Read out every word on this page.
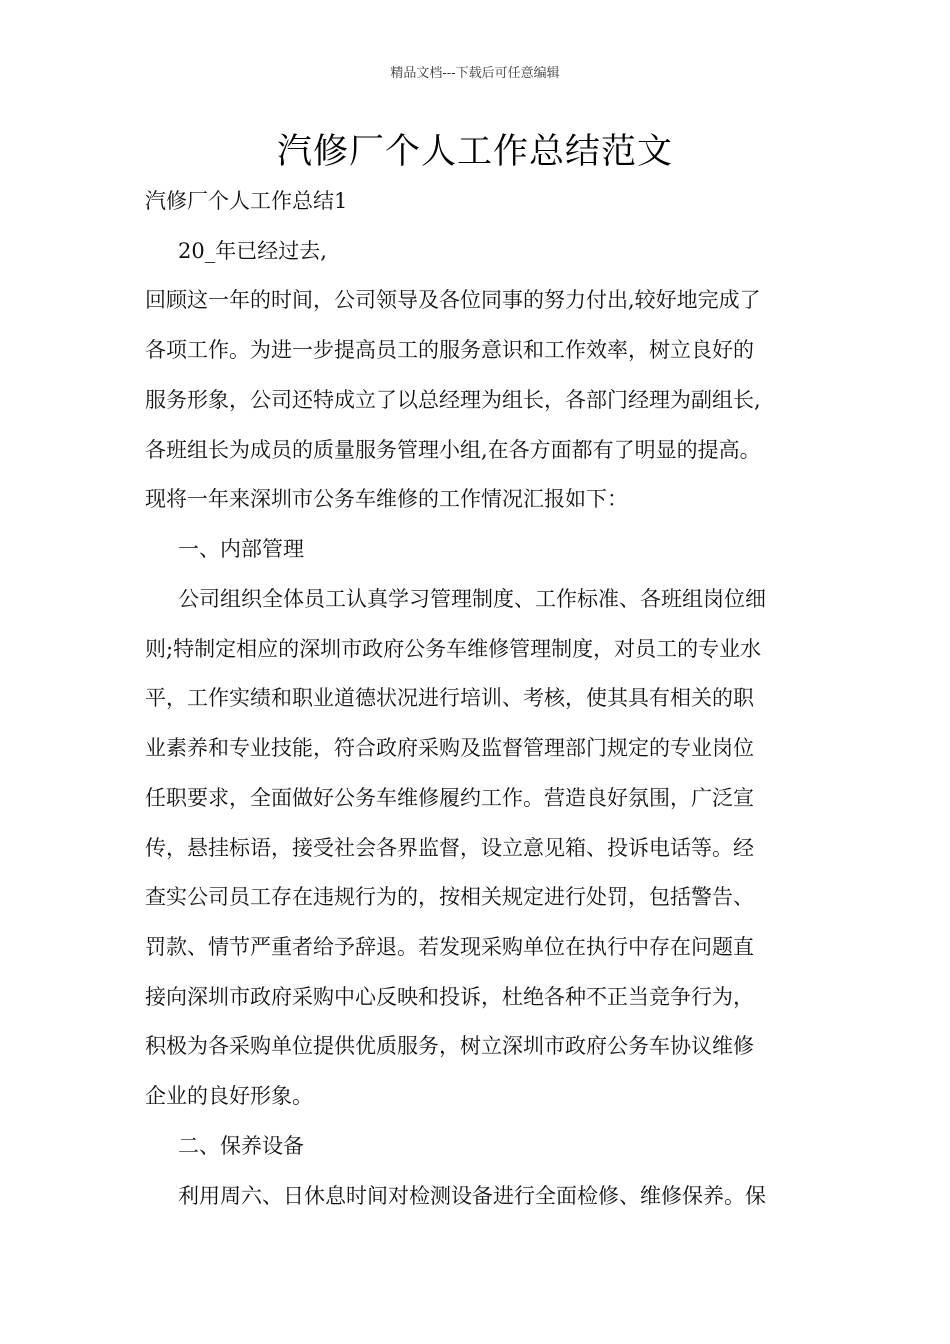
精品文档---下载后可任意编辑
汽修厂个人工作总结范文
汽修厂个人工作总结1
20_年已经过去,
回顾这一年的时间，公司领导及各位同事的努力付出,较好地完成了
各项工作。为进一步提高员工的服务意识和工作效率，树立良好的
服务形象，公司还特成立了以总经理为组长，各部门经理为副组长,
各班组长为成员的质量服务管理小组,在各方面都有了明显的提高。
现将一年来深圳市公务车维修的工作情况汇报如下：
一、内部管理
公司组织全体员工认真学习管理制度、工作标准、各班组岗位细
则;特制定相应的深圳市政府公务车维修管理制度，对员工的专业水
平，工作实绩和职业道德状况进行培训、考核，使其具有相关的职
业素养和专业技能，符合政府采购及监督管理部门规定的专业岗位
任职要求，全面做好公务车维修履约工作。营造良好氛围，广泛宣
传，悬挂标语，接受社会各界监督，设立意见箱、投诉电话等。经
查实公司员工存在违规行为的，按相关规定进行处罚，包括警告、
罚款、情节严重者给予辞退。若发现采购单位在执行中存在问题直
接向深圳市政府采购中心反映和投诉，杜绝各种不正当竞争行为，
积极为各采购单位提供优质服务，树立深圳市政府公务车协议维修
企业的良好形象。
二、保养设备
利用周六、日休息时间对检测设备进行全面检修、维修保养。保
